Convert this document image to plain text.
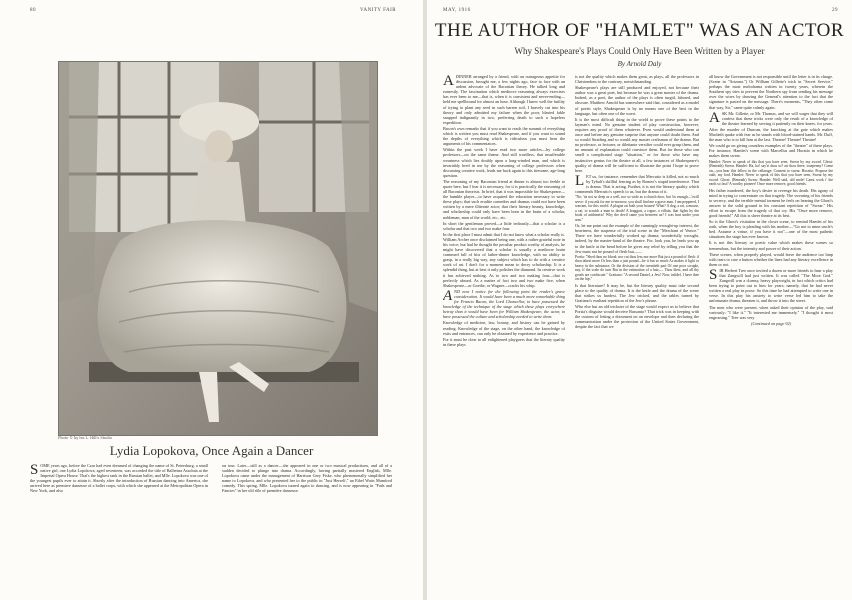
80	VANITY FAIR
Photo © by Ira L. Hill's Studio
Lydia Lopokova, Once Again a Dancer
SOME years ago, before the Czar had even dreamed of changing the name of St. Petersburg, a small native girl, one Lydia Lopokova, aged seventeen, was accorded the title of Ballerina Assoluta at the Imperial Opera House. That's the highest rank in the Russian ballet, and Mlle. Lopokova was one of the youngest pupils ever to attain it. Shortly after the introduction of Russian dancing into America, she arrived here as premiere danseuse of a ballet corps, with which she appeared at the Metropolitan Opera in New York, and also
on tour. Later—still as a dancer—she appeared in one or two musical productions, and all of a sudden decided to plunge into drama. Accordingly, having partially mastered English, Mlle. Lopokova came under the management of Harrison Grey Fiske, who phenomenally simplified her name to Lopokova, and who presented her to the public in "Just Herself," an Ethel Watts Mumford comedy. This spring, Mlle. Lopokova turned again to dancing, and is now appearing in "Fads and Fancies" in her old rôle of première danseuse.
MAY, 1916	29
THE AUTHOR OF "HAMLET" WAS AN ACTOR
Why Shakespeare's Plays Could Only Have Been Written by a Player
By Arnold Daly

ADINNER arranged by a friend, with an outrageous appetite for discussion, brought me, a few nights ago, face to face with an ardent advocate of the Baconian theory. He talked long and earnestly. The fascination which mediocre reasoning always exercises has ever been to me—that is, when it is consistent and never-ending—held me spellbound for almost an hour. Although I knew well the futility of trying to plant any seed in such barren soil, I bravely cut into his theory and only admitted my failure when the poor, blasted fable snapped indignantly in two, preferring death to such a hopeless expedition.

Bacon's own remarks that if you want to reach the summit of everything which is written you must read Shakespeare, and if you want to sound the depths of everything which is ridiculous you must hear the arguments of his commentators.

Within the past week I have read two more articles—by college professors—on the same theme. And still wordless, that insufferable weariness which lies doubly upon a long-winded man, and which is invariably bred in me by the reasoning of college professors when discussing creative work, leads me back again to this tiresome, age-long question.

The reasoning of my Baconian friend at dinner is almost too feeble to quote here, but I fear it is necessary, for it is practically the reasoning of all Baconian theorists. In brief, that it was impossible for Shakespeare—the humble player—to have acquired the education necessary to write these plays; that such erudite comedies and dramas could not have been written by a mere illiterate actor; that their literary beauty, knowledge, and scholarship could only have been born in the brain of a scholar, nobleman, man of the world, etc., etc.

In short the gentleman proved—a little tediously—that a scholar is a scholar and that two and two make four.

In the first place I must admit that I do not know what a scholar really is. William Archer once disclaimed being one, with a rather grateful note in his voice; but had he thought the peculiar product worthy of analysis, he might have discovered that a scholar is usually a mediocre brain crammed full of bits of lather-dinner knowledge, with no ability to grasp, in a really big way, any subject which has to do with a creative work of art. I don't for a moment mean to decry scholarship. It is a splendid thing, but at best it only polishes the diamond. In creative work it has achieved nothing. As to two and two making four—that is perfectly absurd. As a matter of fact two and two make five, when Shakespeare—or Goethe, or Wagner—cracks his whip.

AND now I notice for the following point the reader's grave consideration. It would have been a much more remarkable thing for Francis Bacon, the Lord Chancellor, to have possessed the knowledge of the technique of the stage which these plays everywhere betray than it would have been for William Shakespeare, the actor, to have possessed the culture and scholarship needed to write them.

Knowledge of medicine, law, botany, and history can be gained by reading. Knowledge of the stage, on the other hand, the knowledge of exits and entrances, can only be obtained by experience and practice.

For it must be clear to all enlightened playgoers that the literary quality in these plays

is not the quality which makes them great, as plays, all the professors in Christendom to the contrary, notwithstanding.

Shakespeare's plays are still produced and enjoyed, not because their author was a great poet, but because he was a great master of the drama. Indeed, as a poet, the author of the plays is often turgid, labored, and obscure. Matthew Arnold has somewhere said that, considered as a model of poetic style, Shakespeare is by no means one of the best in the language, but often one of the worst.

It is the most difficult thing in the world to prove these points to the layman's mind. No genuine student of play construction, however, requires any proof of them whatever. Even would understand them at once and before any genuine surprise that anyone could doubt them. And so would Stratfing and so would any master craftsman of the drama. But no professor, or lecturer, or dilettante versifier could ever grasp them, and no amount of explanation could convince them. But for those who can smell a complicated stage "situation," or for those who have any instinctive genius for the theatre at all, a few instances of Shakespeare's quality of drama will be sufficient to illustrate the point I hope to prove here.

LET us, for instance, remember that Mercutio is killed, not so much by Tybalt's skillful fencing as by Romeo's stupid interference. That is drama. That is acting. Further, it is not the literary quality which commends Mercutio's speech to us, but the drama of it.

"No; 'tis not so deep as a well, nor so wide as a church door, but 'tis enough—'twill serve: if you ask for me to-morrow, you shall find me a grave man. I am peppered, I warrant, for this world. A plague on both your houses! What? A dog, a rat, a mouse, a cat, to scratch a man to death! A braggart, a rogue, a villain, that fights by the book of arithmetic! Why the devil came you between us? I was hurt under your arm."

Or, let me point out the example of the cunningly wrought-up interest, the heaviness, the suspense of the trial scene in the "Merchant of Venice." There we have wonderfully worked up drama; wonderfully wrought, indeed, by the master-hand of the theatre. For, look you, he leads you up to the knife at the bend before he gives any relief by telling you that the Jew must not be pound of flesh but——

Portia: "Shed thou no blood; nor cut thou less nor more But just a pound of flesh: if thou takest more Or less than a just pound—be it but so much As makes it light or heavy in the substance, Or the division of the twentieth part Of one poor scruple, nay, if the scale do turn But in the estimation of a hair,— Thou diest, and all thy goods are confiscate." Gratiano: "A second Daniel, a Jew! Now, infidel, I have thee on the hip."

Is that literature? It may be, but the literary quality must take second place to the quality of drama. It is the knife and the drama of the scene that strikes us hardest. The Jew tricked, and the tables turned by Gratiano's exultant repetition of the Jew's phrase.

Who else but an old trickster of the stage would expect us to believe that Portia's disguise would deceive Bassanio? That trick was in keeping with the custom of letting a document on an envelope and then declaring the communication under the protection of the United States Government, despite the fact that we

all know the Government is not responsible until the letter is in its charge. (Scene in "Arizona.") Or William Gillette's trick in "Secret Service," perhaps the most melodrama written in twenty years, wherein the Southern spy tries to prevent the Northern spy from sending his message over the wires by drawing the General's attention to the fact that the signature is pasted on the message. There's moments, "They often come that way, Sir," came quite calmly again.

ASK Mr. Gillette, or Mr. Thomas, and we will wager that they will confess that these tricks were only the result of a knowledge of the theatre learned by serving it patiently on their knees, for years.

After the murder of Duncan, the knocking at the gate which makes Macbeth quake with fear as he stands with blood-stained hands. Mr. Duff, the man who is to kill him at the last. Theatre! Theatre! Theatre!

We could go on giving countless examples of the "theatre" of these plays. For instance, Hamlet's scene with Marcellus and Horatio in which he makes them swear.

Hamlet: Never to speak of this that you have seen. Swear by my sword. Ghost: (Beneath) Swear. Hamlet: Ha, ha! say'st thou so? art thou there, truepenny? Come on—you hear this fellow in the cellarage. Consent to swear. Horatio: Propose the oath, my lord. Hamlet: Never to speak of this that you have seen, Swear by my sword. Ghost: (Beneath) Swear. Hamlet: Well said, old mole! Canst work i' the earth so fast? A worthy pioneer! Once more remove, good friends.

His father murdered, the boy's desire to revenge his death. His agony of mind in trying to concentrate on that tragedy. The swearing of his friends to secrecy, and the terrible mental torment he feels on hearing the Ghost's answer to the solid ground in his constant repetition of "Swear." His effort to escape from the tragedy of that cry. His "Once more remove, good friends!" All this is sheer theatre at its best.

So is the Ghost's visitation in the closet scene, to remind Hamlet of his oath, when the boy is pleading with his mother—"Go not to mine uncle's bed. Assume a virtue, if you have it not"—one of the most pathetic situations the stage has ever known.

It is not this literary or poetic value which makes these scenes so tremendous, but the intensity and power of their action.

These scenes, when properly played, would leave the audience too limp with tears to care a button whether the lines had any literary excellence in them or not.

SIR Herbert Tree once invited a dozen or more friends to hear a play that Zangwill had just written. It was called "The Moor God." Zangwill was a clumsy, heavy playwright, in fact which critics had been trying to point out to him for years; namely, that he had never written a real play in prose. So this time he had attempted to write one in verse. In this play his anxiety to write verse led him to take the unfortunate drama, threaten it, and throw it into the street.

The men who were present, when asked their opinion of the play, said variously: "I like it." "It interested me immensely." "I thought it most engrossing." Tree was very

(Continued on page 92)
